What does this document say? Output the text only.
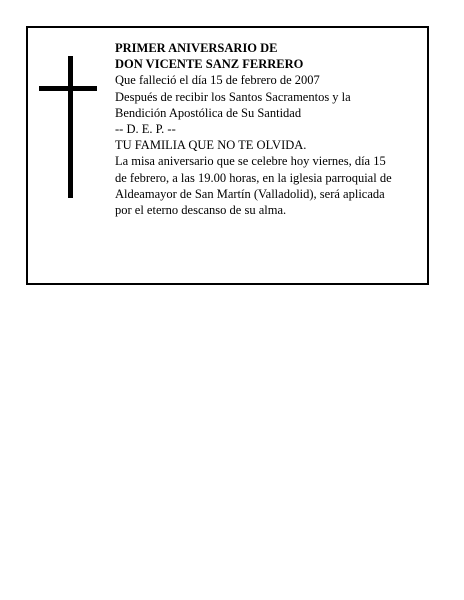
PRIMER ANIVERSARIO DE
DON VICENTE SANZ FERRERO
Que falleció el día 15 de febrero de 2007
Después de recibir los Santos Sacramentos y la
Bendición Apostólica de Su Santidad
-- D. E. P. --
TU FAMILIA QUE NO TE OLVIDA.
La misa aniversario que se celebre hoy viernes, día 15
de febrero, a las 19.00 horas, en la iglesia parroquial de
Aldeamayor de San Martín (Valladolid), será aplicada
por el eterno descanso de su alma.
